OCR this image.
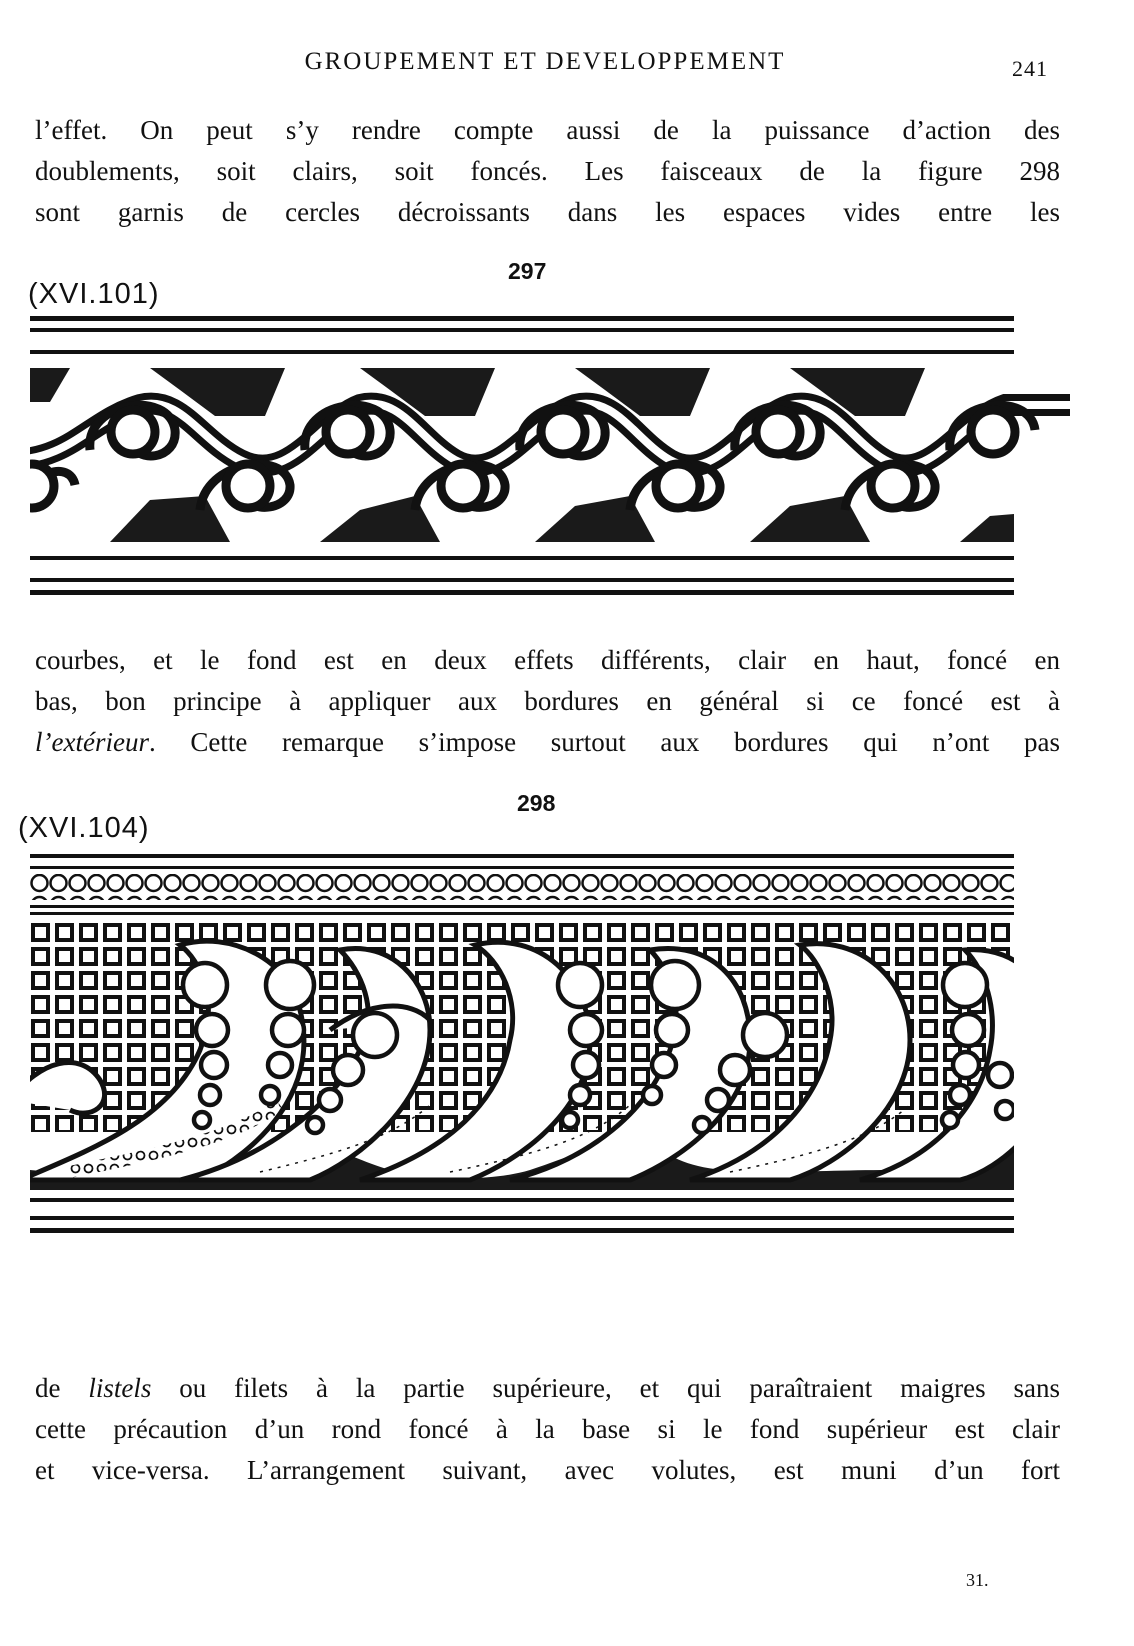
GROUPEMENT ET DEVELOPPEMENT	241
l’effet. On peut s’y rendre compte aussi de la puissance d’action des
doublements, soit clairs, soit foncés. Les faisceaux de la figure 298
sont garnis de cercles décroissants dans les espaces vides entre les
297
(XVI.101)
courbes, et le fond est en deux effets différents, clair en haut, foncé en
bas, bon principe à appliquer aux bordures en général si ce foncé est à
l’extérieur. Cette remarque s’impose surtout aux bordures qui n’ont pas
298
(XVI.104)
de listels ou filets à la partie supérieure, et qui paraîtraient maigres sans
cette précaution d’un rond foncé à la base si le fond supérieur est clair
et vice-versa. L’arrangement suivant, avec volutes, est muni d’un fort
31.
